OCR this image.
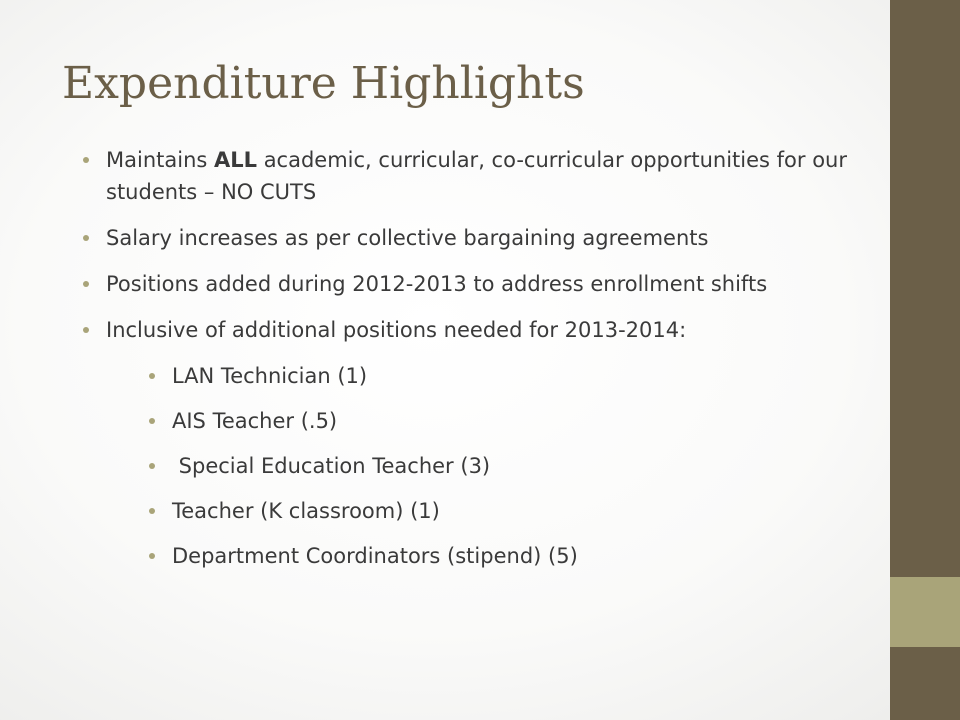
Expenditure Highlights
Maintains ALL academic, curricular, co-curricular opportunities for our students – NO CUTS
Salary increases as per collective bargaining agreements
Positions added during 2012-2013 to address enrollment shifts
Inclusive of additional positions needed for 2013-2014:
LAN Technician (1)
AIS Teacher (.5)
Special Education Teacher (3)
Teacher (K classroom) (1)
Department Coordinators (stipend) (5)
